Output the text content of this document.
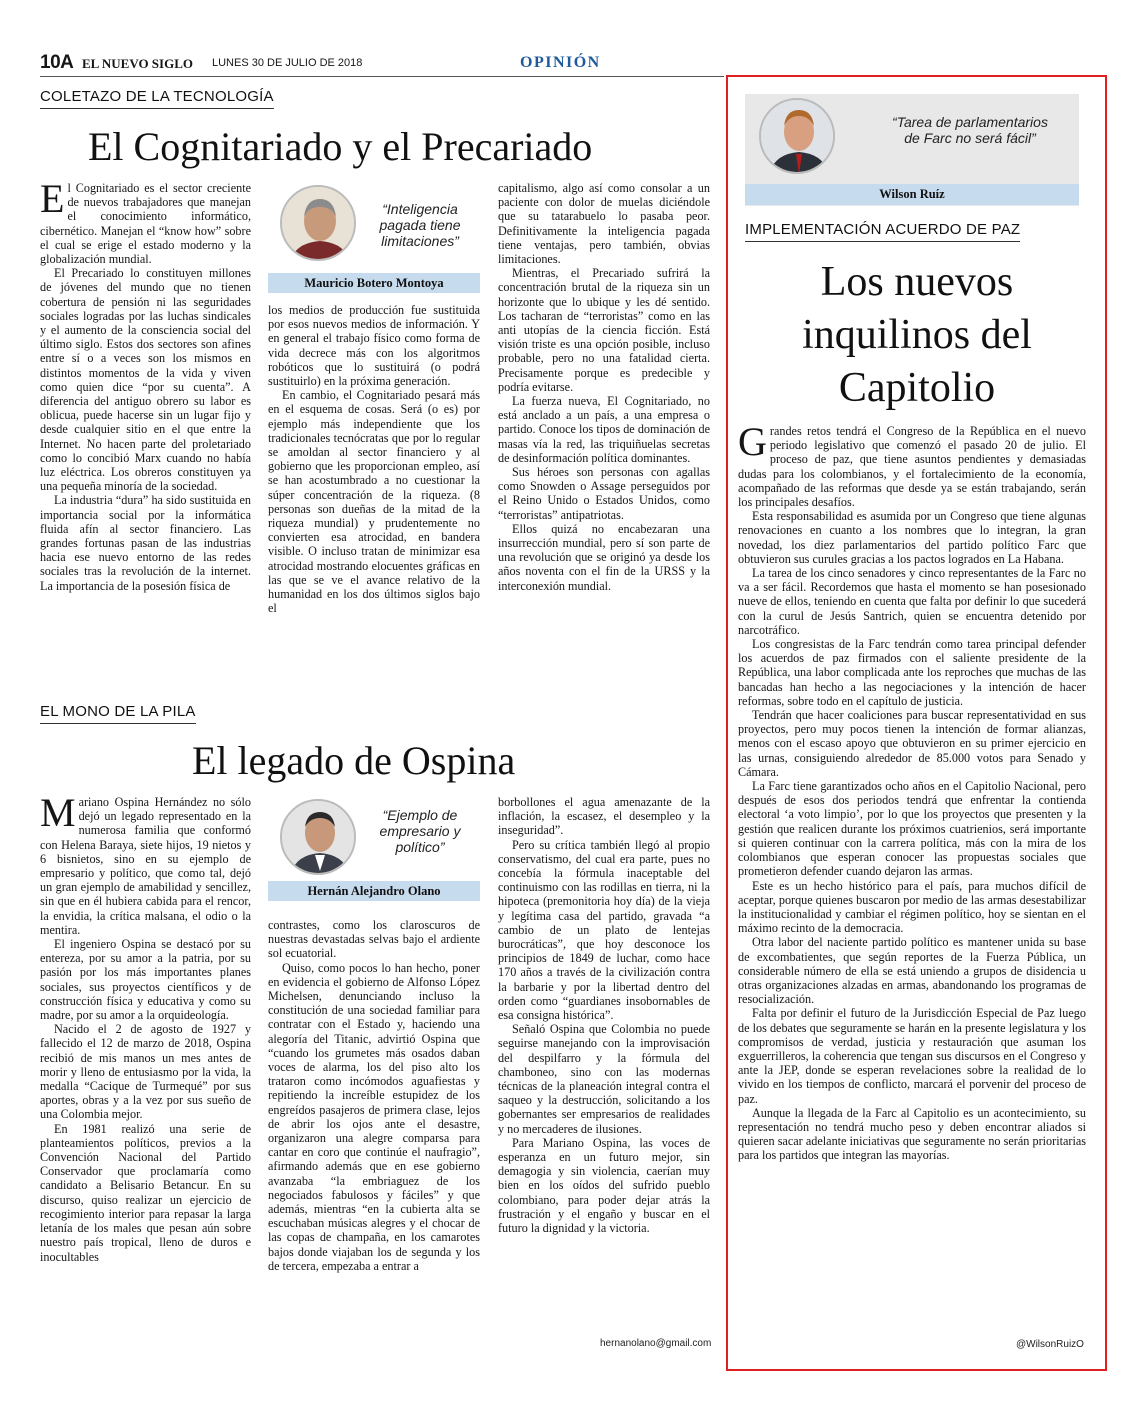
10A EL NUEVO SIGLO LUNES 30 DE JULIO DE 2018	OPINIÓN
COLETAZO DE LA TECNOLOGÍA
El Cognitariado y el Precariado

El Cognitariado es el sector creciente de nuevos trabajadores que manejan el conocimiento informático, cibernético. Manejan el “know how” sobre el cual se erige el estado moderno y la globalización mundial.

El Precariado lo constituyen millones de jóvenes del mundo que no tienen cobertura de pensión ni las seguridades sociales logradas por las luchas sindicales y el aumento de la consciencia social del último siglo. Estos dos sectores son afines entre sí o a veces son los mismos en distintos momentos de la vida y viven como quien dice “por su cuenta”. A diferencia del antiguo obrero su labor es oblicua, puede hacerse sin un lugar fijo y desde cualquier sitio en el que entre la Internet. No hacen parte del proletariado como lo concibió Marx cuando no había luz eléctrica. Los obreros constituyen ya una pequeña minoría de la sociedad.

La industria “dura” ha sido sustituida en importancia social por la informática fluida afín al sector financiero. Las grandes fortunas pasan de las industrias hacia ese nuevo entorno de las redes sociales tras la revolución de la internet. La importancia de la posesión física de

“Inteligencia pagada tiene limitaciones”
Mauricio Botero Montoya

los medios de producción fue sustituida por esos nuevos medios de información. Y en general el trabajo físico como forma de vida decrece más con los algoritmos robóticos que lo sustituirá (o podrá sustituirlo) en la próxima generación.

En cambio, el Cognitariado pesará más en el esquema de cosas. Será (o es) por ejemplo más independiente que los tradicionales tecnócratas que por lo regular se amoldan al sector financiero y al gobierno que les proporcionan empleo, así se han acostumbrado a no cuestionar la súper concentración de la riqueza. (8 personas son dueñas de la mitad de la riqueza mundial) y prudentemente no convierten esa atrocidad, en bandera visible. O incluso tratan de minimizar esa atrocidad mostrando elocuentes gráficas en las que se ve el avance relativo de la humanidad en los dos últimos siglos bajo el

capitalismo, algo así como consolar a un paciente con dolor de muelas diciéndole que su tatarabuelo lo pasaba peor. Definitivamente la inteligencia pagada tiene ventajas, pero también, obvias limitaciones.

Mientras, el Precariado sufrirá la concentración brutal de la riqueza sin un horizonte que lo ubique y les dé sentido. Los tacharan de “terroristas” como en las anti utopías de la ciencia ficción. Está visión triste es una opción posible, incluso probable, pero no una fatalidad cierta. Precisamente porque es predecible y podría evitarse.

La fuerza nueva, El Cognitariado, no está anclado a un país, a una empresa o partido. Conoce los tipos de dominación de masas vía la red, las triquiñuelas secretas de desinformación política dominantes.

Sus héroes son personas con agallas como Snowden o Assage perseguidos por el Reino Unido o Estados Unidos, como “terroristas” antipatriotas.

Ellos quizá no encabezaran una insurrección mundial, pero sí son parte de una revolución que se originó ya desde los años noventa con el fin de la URSS y la interconexión mundial.

EL MONO DE LA PILA
El legado de Ospina

Mariano Ospina Hernández no sólo dejó un legado representado en la numerosa familia que conformó con Helena Baraya, siete hijos, 19 nietos y 6 bisnietos, sino en su ejemplo de empresario y político, que como tal, dejó un gran ejemplo de amabilidad y sencillez, sin que en él hubiera cabida para el rencor, la envidia, la crítica malsana, el odio o la mentira.

El ingeniero Ospina se destacó por su entereza, por su amor a la patria, por su pasión por los más importantes planes sociales, sus proyectos científicos y de construcción física y educativa y como su madre, por su amor a la orquideología.

Nacido el 2 de agosto de 1927 y fallecido el 12 de marzo de 2018, Ospina recibió de mis manos un mes antes de morir y lleno de entusiasmo por la vida, la medalla “Cacique de Turmequé” por sus aportes, obras y a la vez por sus sueño de una Colombia mejor.

En 1981 realizó una serie de planteamientos políticos, previos a la Convención Nacional del Partido Conservador que proclamaría como candidato a Belisario Betancur. En su discurso, quiso realizar un ejercicio de recogimiento interior para repasar la larga letanía de los males que pesan aún sobre nuestro país tropical, lleno de duros e inocultables

“Ejemplo de empresario y político”
Hernán Alejandro Olano

contrastes, como los claroscuros de nuestras devastadas selvas bajo el ardiente sol ecuatorial.

Quiso, como pocos lo han hecho, poner en evidencia el gobierno de Alfonso López Michelsen, denunciando incluso la constitución de una sociedad familiar para contratar con el Estado y, haciendo una alegoría del Titanic, advirtió Ospina que “cuando los grumetes más osados daban voces de alarma, los del piso alto los trataron como incómodos aguafiestas y repitiendo la increíble estupidez de los engreídos pasajeros de primera clase, lejos de abrir los ojos ante el desastre, organizaron una alegre comparsa para cantar en coro que continúe el naufragio”, afirmando además que en ese gobierno avanzaba “la embriaguez de los negociados fabulosos y fáciles” y que además, mientras “en la cubierta alta se escuchaban músicas alegres y el chocar de las copas de champaña, en los camarotes bajos donde viajaban los de segunda y los de tercera, empezaba a entrar a

borbollones el agua amenazante de la inflación, la escasez, el desempleo y la inseguridad”.

Pero su crítica también llegó al propio conservatismo, del cual era parte, pues no concebía la fórmula inaceptable del continuismo con las rodillas en tierra, ni la hipoteca (premonitoria hoy día) de la vieja y legítima casa del partido, gravada “a cambio de un plato de lentejas burocráticas”, que hoy desconoce los principios de 1849 de luchar, como hace 170 años a través de la civilización contra la barbarie y por la libertad dentro del orden como “guardianes insobornables de esa consigna histórica”.

Señaló Ospina que Colombia no puede seguirse manejando con la improvisación del despilfarro y la fórmula del chamboneo, sino con las modernas técnicas de la planeación integral contra el saqueo y la destrucción, solicitando a los gobernantes ser empresarios de realidades y no mercaderes de ilusiones.

Para Mariano Ospina, las voces de esperanza en un futuro mejor, sin demagogia y sin violencia, caerían muy bien en los oídos del sufrido pueblo colombiano, para poder dejar atrás la frustración y el engaño y buscar en el futuro la dignidad y la victoria.

hernanolano@gmail.com
“Tarea de parlamentarios de Farc no será fácil”
Wilson Ruíz
IMPLEMENTACIÓN ACUERDO DE PAZ
Los nuevos
inquilinos del
Capitolio

Grandes retos tendrá el Congreso de la República en el nuevo periodo legislativo que comenzó el pasado 20 de julio. El proceso de paz, que tiene asuntos pendientes y demasiadas dudas para los colombianos, y el fortalecimiento de la economía, acompañado de las reformas que desde ya se están trabajando, serán los principales desafíos.

Esta responsabilidad es asumida por un Congreso que tiene algunas renovaciones en cuanto a los nombres que lo integran, la gran novedad, los diez parlamentarios del partido político Farc que obtuvieron sus curules gracias a los pactos logrados en La Habana.

La tarea de los cinco senadores y cinco representantes de la Farc no va a ser fácil. Recordemos que hasta el momento se han posesionado nueve de ellos, teniendo en cuenta que falta por definir lo que sucederá con la curul de Jesús Santrich, quien se encuentra detenido por narcotráfico.

Los congresistas de la Farc tendrán como tarea principal defender los acuerdos de paz firmados con el saliente presidente de la República, una labor complicada ante los reproches que muchas de las bancadas han hecho a las negociaciones y la intención de hacer reformas, sobre todo en el capítulo de justicia.

Tendrán que hacer coaliciones para buscar representatividad en sus proyectos, pero muy pocos tienen la intención de formar alianzas, menos con el escaso apoyo que obtuvieron en su primer ejercicio en las urnas, consiguiendo alrededor de 85.000 votos para Senado y Cámara.

La Farc tiene garantizados ocho años en el Capitolio Nacional, pero después de esos dos periodos tendrá que enfrentar la contienda electoral ‘a voto limpio’, por lo que los proyectos que presenten y la gestión que realicen durante los próximos cuatrienios, será importante si quieren continuar con la carrera política, más con la mira de los colombianos que esperan conocer las propuestas sociales que prometieron defender cuando dejaron las armas.

Este es un hecho histórico para el país, para muchos difícil de aceptar, porque quienes buscaron por medio de las armas desestabilizar la institucionalidad y cambiar el régimen político, hoy se sientan en el máximo recinto de la democracia.

Otra labor del naciente partido político es mantener unida su base de excombatientes, que según reportes de la Fuerza Pública, un considerable número de ella se está uniendo a grupos de disidencia u otras organizaciones alzadas en armas, abandonando los programas de resocialización.

Falta por definir el futuro de la Jurisdicción Especial de Paz luego de los debates que seguramente se harán en la presente legislatura y los compromisos de verdad, justicia y restauración que asuman los exguerrilleros, la coherencia que tengan sus discursos en el Congreso y ante la JEP, donde se esperan revelaciones sobre la realidad de lo vivido en los tiempos de conflicto, marcará el porvenir del proceso de paz.

Aunque la llegada de la Farc al Capitolio es un acontecimiento, su representación no tendrá mucho peso y deben encontrar aliados si quieren sacar adelante iniciativas que seguramente no serán prioritarias para los partidos que integran las mayorías.

@WilsonRuizO
